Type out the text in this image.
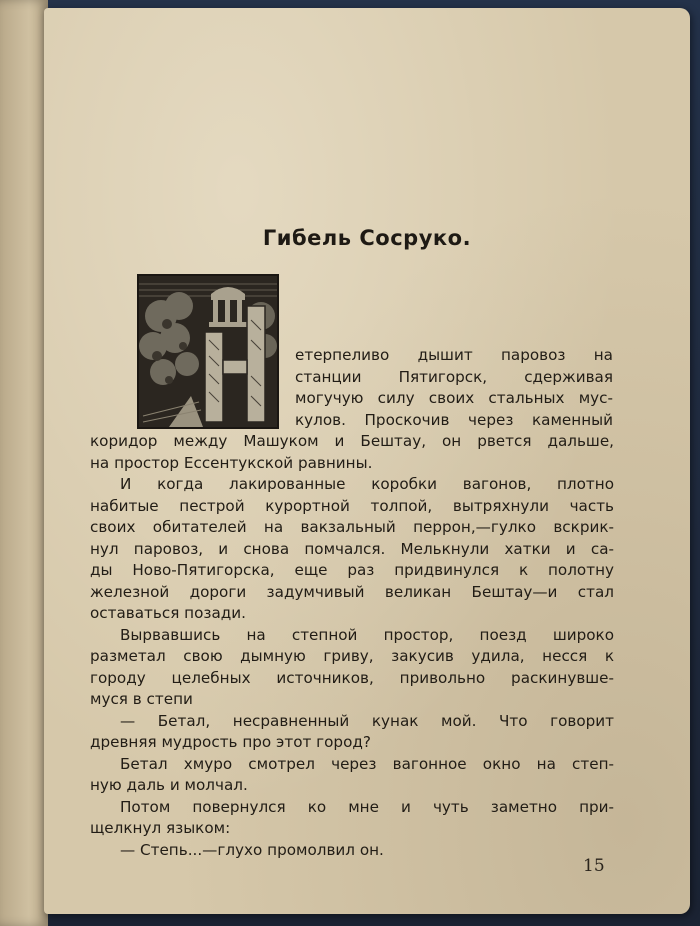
Гибель Сосруко.
етерпеливо дышит паровоз на
станции Пятигорск, сдерживая
могучую силу своих стальных мус-
кулов. Проскочив через каменный
коридор между Машуком и Бештау, он рвется дальше,
на простор Ессентукской равнины.
И когда лакированные коробки вагонов, плотно
набитые пестрой курортной толпой, вытряхнули часть
своих обитателей на вакзальный перрон,—гулко вскрик-
нул паровоз, и снова помчался. Мелькнули хатки и са-
ды Ново-Пятигорска, еще раз придвинулся к полотну
железной дороги задумчивый великан Бештау—и стал
оставаться позади.
Вырвавшись на степной простор, поезд широко
разметал свою дымную гриву, закусив удила, несся к
городу целебных источников, привольно раскинувше-
муся в степи
— Бетал, несравненный кунак мой. Что говорит
древняя мудрость про этот город?
Бетал хмуро смотрел через вагонное окно на степ-
ную даль и молчал.
Потом повернулся ко мне и чуть заметно при-
щелкнул языком:
— Степь...—глухо промолвил он.
15
